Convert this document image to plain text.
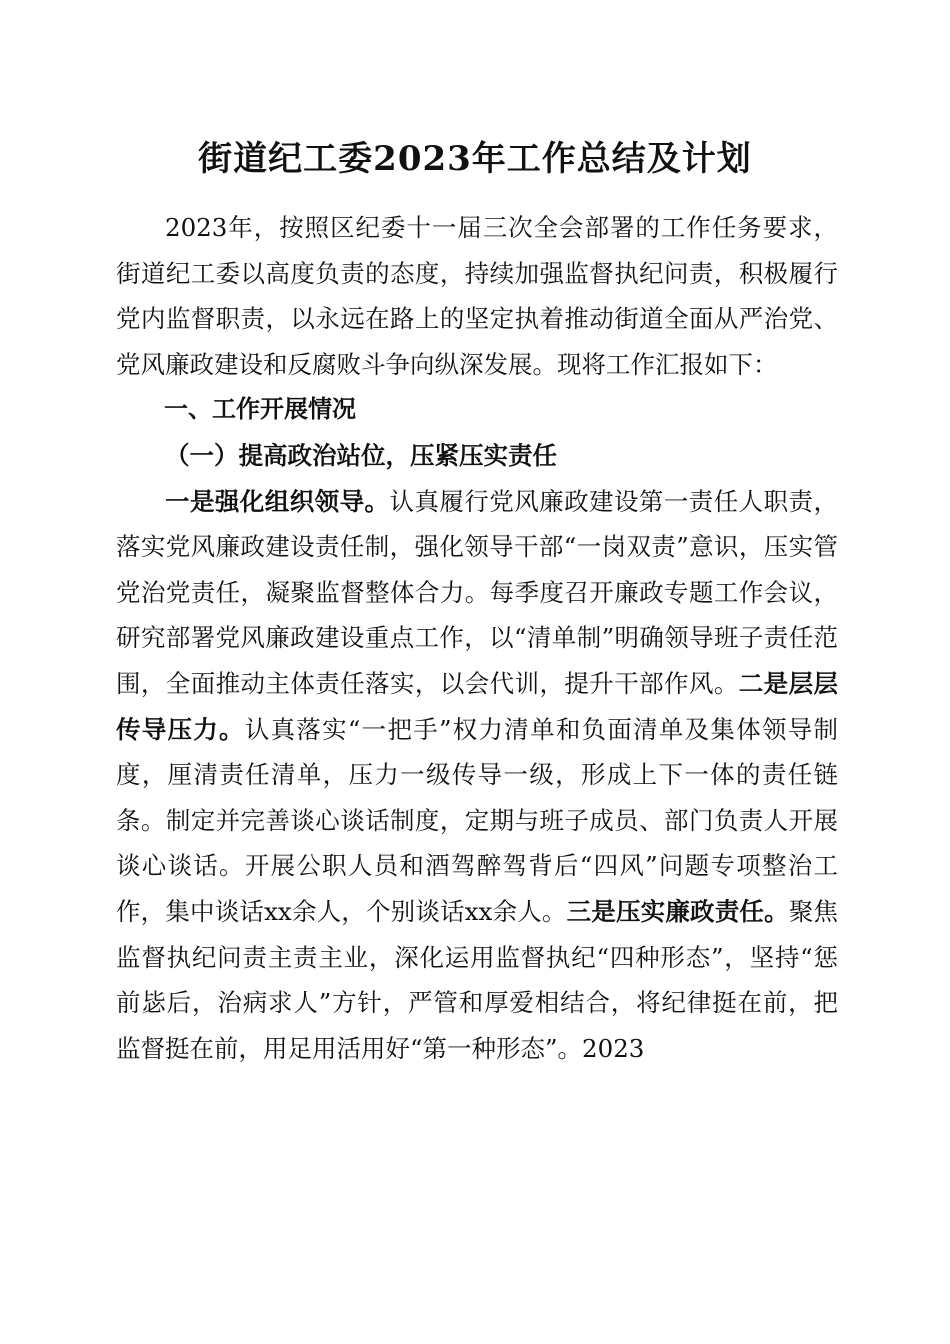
街道纪工委2023年工作总结及计划

2023年，按照区纪委十一届三次全会部署的工作任务要求，街道纪工委以高度负责的态度，持续加强监督执纪问责，积极履行党内监督职责，以永远在路上的坚定执着推动街道全面从严治党、党风廉政建设和反腐败斗争向纵深发展。现将工作汇报如下：

一、工作开展情况

（一）提高政治站位，压紧压实责任

一是强化组织领导。认真履行党风廉政建设第一责任人职责，落实党风廉政建设责任制，强化领导干部“一岗双责”意识，压实管党治党责任，凝聚监督整体合力。每季度召开廉政专题工作会议，研究部署党风廉政建设重点工作，以“清单制”明确领导班子责任范围，全面推动主体责任落实，以会代训，提升干部作风。二是层层传导压力。认真落实“一把手”权力清单和负面清单及集体领导制度，厘清责任清单，压力一级传导一级，形成上下一体的责任链条。制定并完善谈心谈话制度，定期与班子成员、部门负责人开展谈心谈话。开展公职人员和酒驾醉驾背后“四风”问题专项整治工作，集中谈话xx余人，个别谈话xx余人。三是压实廉政责任。聚焦监督执纪问责主责主业，深化运用监督执纪“四种形态”，坚持“惩前毖后，治病求人”方针，严管和厚爱相结合，将纪律挺在前，把监督挺在前，用足用活用好“第一种形态”。2023
